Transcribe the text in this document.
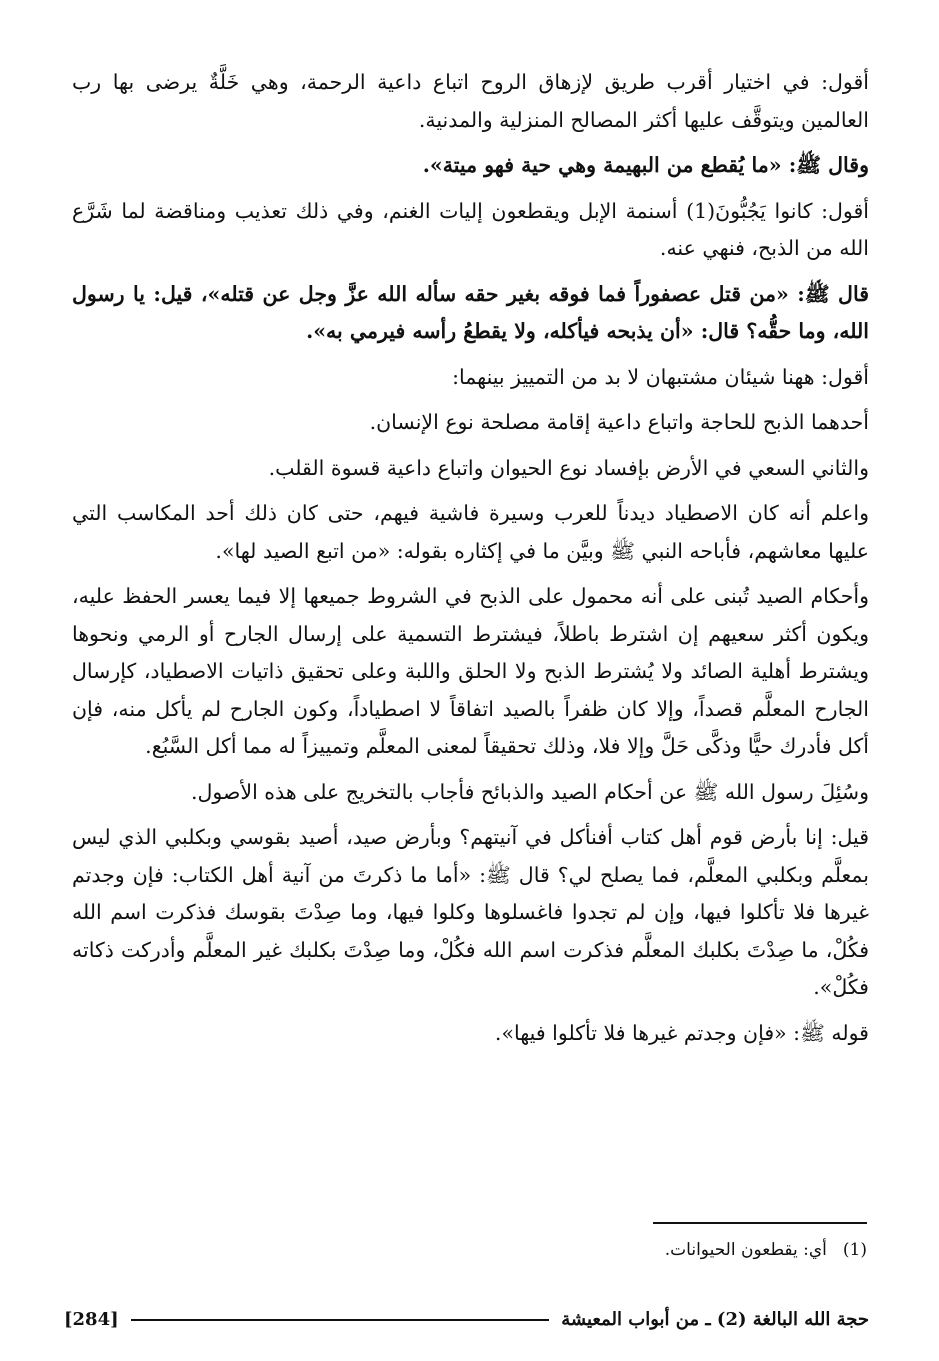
أقول: في اختيار أقرب طريق لإزهاق الروح اتباع داعية الرحمة، وهي خَلَّةٌ يرضى بها رب العالمين ويتوقَّف عليها أكثر المصالح المنزلية والمدنية.

وقال ﷺ: «ما يُقطع من البهيمة وهي حية فهو ميتة».

أقول: كانوا يَجُبُّونَ(1) أسنمة الإبل ويقطعون إليات الغنم، وفي ذلك تعذيب ومناقضة لما شَرَّع الله من الذبح، فنهي عنه.

قال ﷺ: «من قتل عصفوراً فما فوقه بغير حقه سأله الله عزَّ وجل عن قتله»، قيل: يا رسول الله، وما حقُّه؟ قال: «أن يذبحه فيأكله، ولا يقطعُ رأسه فيرمي به».

أقول: ههنا شيئان مشتبهان لا بد من التمييز بينهما:

أحدهما الذبح للحاجة واتباع داعية إقامة مصلحة نوع الإنسان.

والثاني السعي في الأرض بإفساد نوع الحيوان واتباع داعية قسوة القلب.

واعلم أنه كان الاصطياد ديدناً للعرب وسيرة فاشية فيهم، حتى كان ذلك أحد المكاسب التي عليها معاشهم، فأباحه النبي ﷺ وبيَّن ما في إكثاره بقوله: «من اتبع الصيد لها».

وأحكام الصيد تُبنى على أنه محمول على الذبح في الشروط جميعها إلا فيما يعسر الحفظ عليه، ويكون أكثر سعيهم إن اشترط باطلاً، فيشترط التسمية على إرسال الجارح أو الرمي ونحوها ويشترط أهلية الصائد ولا يُشترط الذبح ولا الحلق واللبة وعلى تحقيق ذاتيات الاصطياد، كإرسال الجارح المعلَّم قصداً، وإلا كان ظفراً بالصيد اتفاقاً لا اصطياداً، وكون الجارح لم يأكل منه، فإن أكل فأدرك حيًّا وذكَّى حَلَّ وإلا فلا، وذلك تحقيقاً لمعنى المعلَّم وتمييزاً له مما أكل السَّبُع.

وسُئِلَ رسول الله ﷺ عن أحكام الصيد والذبائح فأجاب بالتخريج على هذه الأصول.

قيل: إنا بأرض قوم أهل كتاب أفنأكل في آنيتهم؟ وبأرض صيد، أصيد بقوسي وبكلبي الذي ليس بمعلَّم وبكلبي المعلَّم، فما يصلح لي؟ قال ﷺ: «أما ما ذكرتَ من آنية أهل الكتاب: فإن وجدتم غيرها فلا تأكلوا فيها، وإن لم تجدوا فاغسلوها وكلوا فيها، وما صِدْتَ بقوسك فذكرت اسم الله فكُلْ، ما صِدْتَ بكلبك المعلَّم فذكرت اسم الله فكُلْ، وما صِدْتَ بكلبك غير المعلَّم وأدركت ذكاته فكُلْ».

قوله ﷺ: «فإن وجدتم غيرها فلا تأكلوا فيها».

(1)أي: يقطعون الحيوانات.
حجة الله البالغة (2) ـ من أبواب المعيشة
[284]
